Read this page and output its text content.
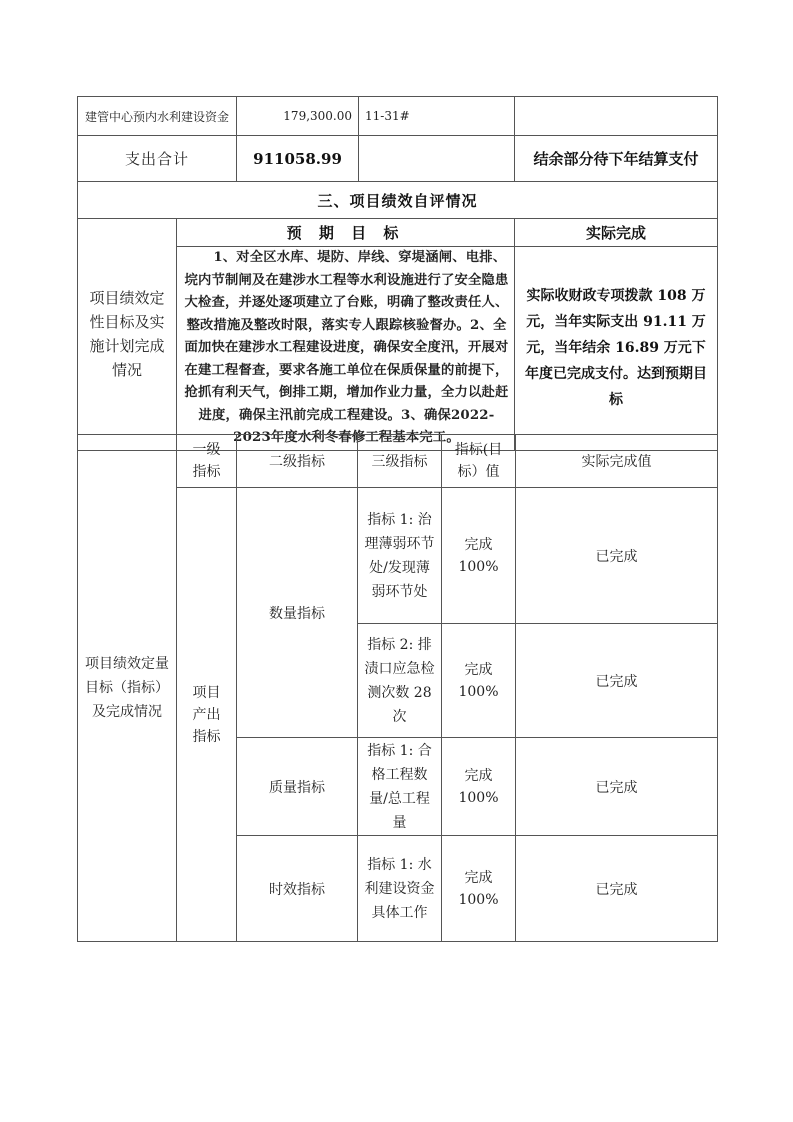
建管中心预内水利建设资金		179,300.00	11-31#	
支出合计		911058.99		结余部分待下年结算支付
三、项目绩效自评情况				
项目绩效定性目标及实施计划完成情况	预 期 目 标			实际完成

	1、对全区水库、堤防、岸线、穿堤涵闸、电排、垸内节制闸及在建涉水工程等水利设施进行了安全隐患大检查，并逐处逐项建立了台账，明确了整改责任人、整改措施及整改时限，落实专人跟踪核验督办。2、全面加快在建涉水工程建设进度，确保安全度汛，开展对在建工程督查，要求各施工单位在保质保量的前提下，抢抓有利天气，倒排工期，增加作业力量，全力以赴赶进度，确保主汛前完成工程建设。3、确保2022-2023年度水利冬春修工程基本完工。			实际收财政专项拨款 108 万元，当年实际支出 91.11 万元，当年结余 16.89 万元下年度已完成支付。达到预期目标
项目绩效定量目标（指标）及完成情况	一级指标	二级指标	三级指标	指标(目标）值	实际完成值
	项目产出指标	数量指标	指标 1: 治理薄弱环节处/发现薄弱环节处	完成100%	已完成
			指标 2: 排渍口应急检测次数 28 次	完成100%	已完成
		质量指标	指标 1: 合格工程数量/总工程量	完成100%	已完成
		时效指标	指标 1: 水利建设资金具体工作	完成100%	已完成
